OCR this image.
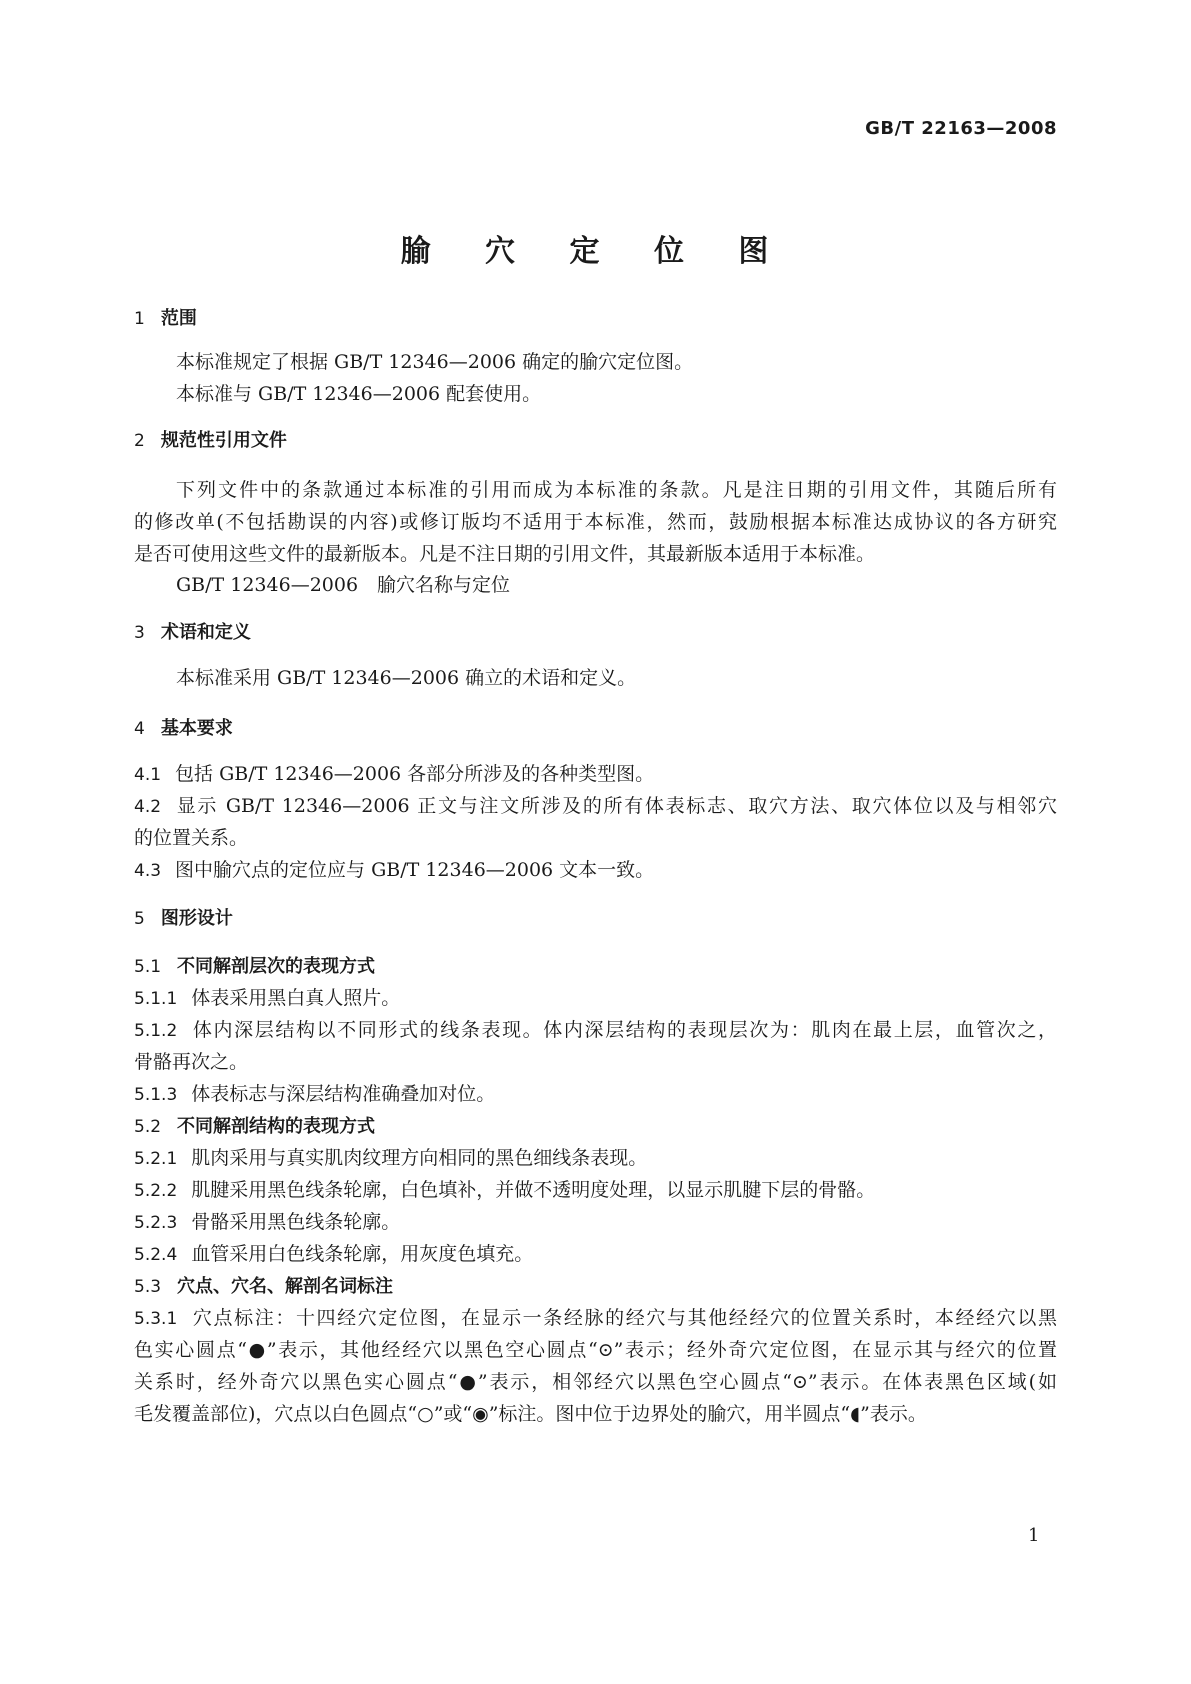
GB/T 22163—2008
腧 穴 定 位 图
1 范围
本标准规定了根据 GB/T 12346—2006 确定的腧穴定位图。
本标准与 GB/T 12346—2006 配套使用。
2 规范性引用文件
下列文件中的条款通过本标准的引用而成为本标准的条款。凡是注日期的引用文件，其随后所有
的修改单(不包括勘误的内容)或修订版均不适用于本标准，然而，鼓励根据本标准达成协议的各方研究
是否可使用这些文件的最新版本。凡是不注日期的引用文件，其最新版本适用于本标准。
GB/T 12346—2006　腧穴名称与定位
3 术语和定义
本标准采用 GB/T 12346—2006 确立的术语和定义。
4 基本要求
4.1 包括 GB/T 12346—2006 各部分所涉及的各种类型图。
4.2 显示 GB/T 12346—2006 正文与注文所涉及的所有体表标志、取穴方法、取穴体位以及与相邻穴
的位置关系。
4.3 图中腧穴点的定位应与 GB/T 12346—2006 文本一致。
5 图形设计
5.1 不同解剖层次的表现方式
5.1.1 体表采用黑白真人照片。
5.1.2 体内深层结构以不同形式的线条表现。体内深层结构的表现层次为：肌肉在最上层，血管次之，
骨骼再次之。
5.1.3 体表标志与深层结构准确叠加对位。
5.2 不同解剖结构的表现方式
5.2.1 肌肉采用与真实肌肉纹理方向相同的黑色细线条表现。
5.2.2 肌腱采用黑色线条轮廓，白色填补，并做不透明度处理，以显示肌腱下层的骨骼。
5.2.3 骨骼采用黑色线条轮廓。
5.2.4 血管采用白色线条轮廓，用灰度色填充。
5.3 穴点、穴名、解剖名词标注
5.3.1 穴点标注：十四经穴定位图，在显示一条经脉的经穴与其他经经穴的位置关系时，本经经穴以黑
色实心圆点“●”表示，其他经经穴以黑色空心圆点“⊙”表示；经外奇穴定位图，在显示其与经穴的位置
关系时，经外奇穴以黑色实心圆点“●”表示，相邻经穴以黑色空心圆点“⊙”表示。在体表黑色区域(如
毛发覆盖部位)，穴点以白色圆点“○”或“◉”标注。图中位于边界处的腧穴，用半圆点“◖”表示。
1
